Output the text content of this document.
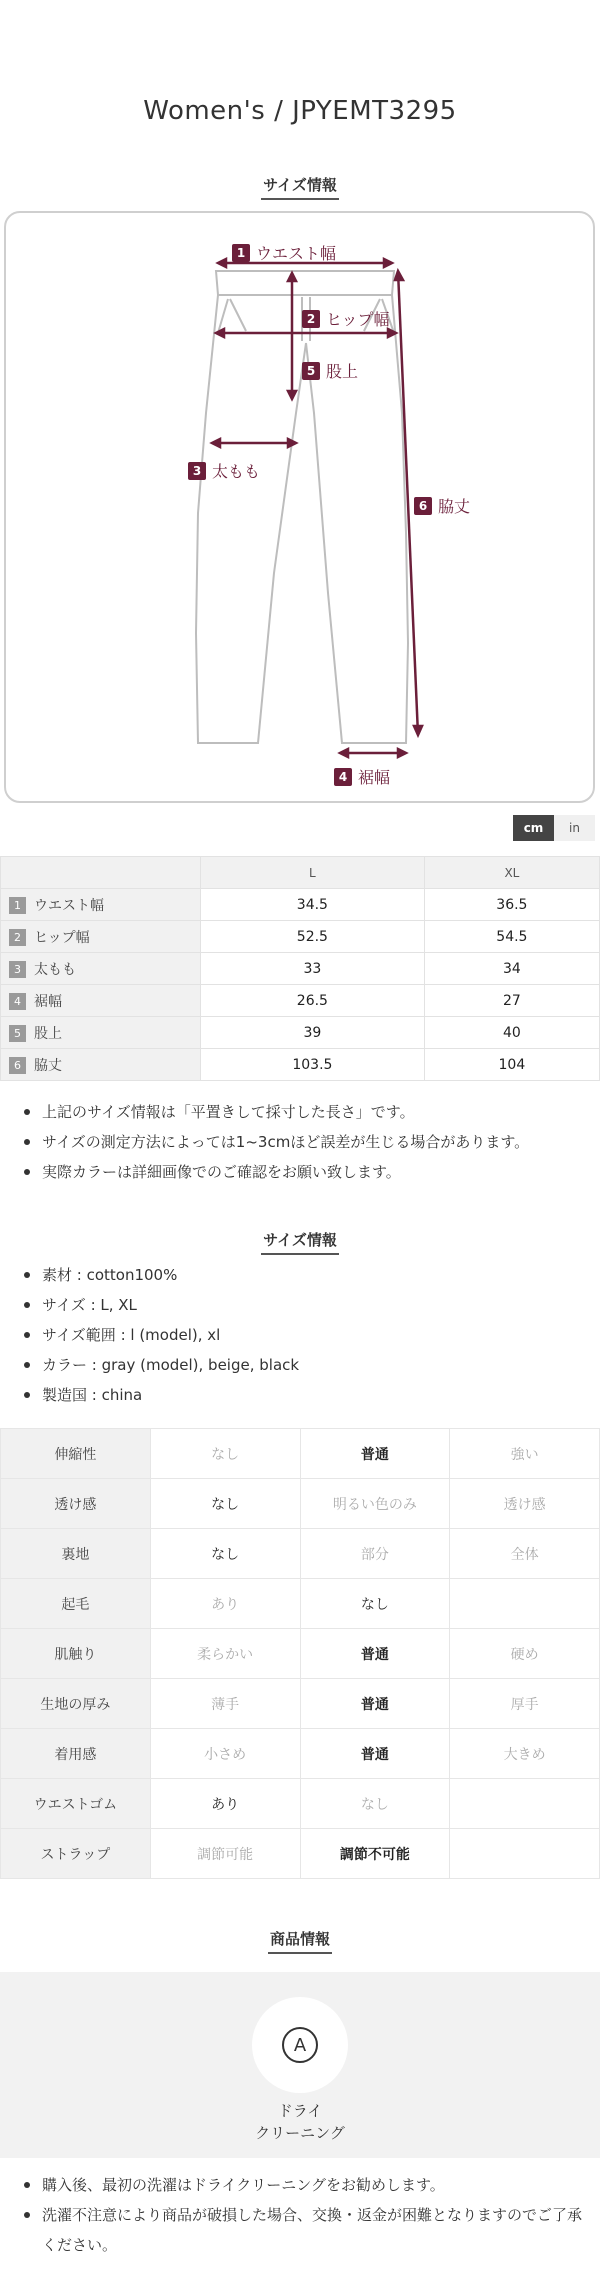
Women's / JPYEMT3295
サイズ情報
1 ウエスト幅
2 ヒップ幅
5 股上
3 太もも
6 脇丈
4 裾幅
cm	in
	L	XL
1 ウエスト幅	34.5	36.5
2 ヒップ幅	52.5	54.5
3 太もも	33	34
4 裾幅	26.5	27
5 股上	39	40
6 脇丈	103.5	104
上記のサイズ情報は「平置きして採寸した長さ」です。
サイズの測定方法によっては1~3cmほど誤差が生じる場合があります。
実際カラーは詳細画像でのご確認をお願い致します。
サイズ情報
素材 : cotton100%
サイズ : L, XL
サイズ範囲 : l (model), xl
カラー : gray (model), beige, black
製造国 : china
伸縮性	なし	普通	強い
透け感	なし	明るい色のみ	透け感
裏地	なし	部分	全体
起毛	あり	なし	
肌触り	柔らかい	普通	硬め
生地の厚み	薄手	普通	厚手
着用感	小さめ	普通	大きめ
ウエストゴム	あり	なし	
ストラップ	調節可能	調節不可能	
商品情報
A
ドライ
クリーニング
購入後、最初の洗濯はドライクリーニングをお勧めします。
洗濯不注意により商品が破損した場合、交換・返金が困難となりますのでご了承ください。
